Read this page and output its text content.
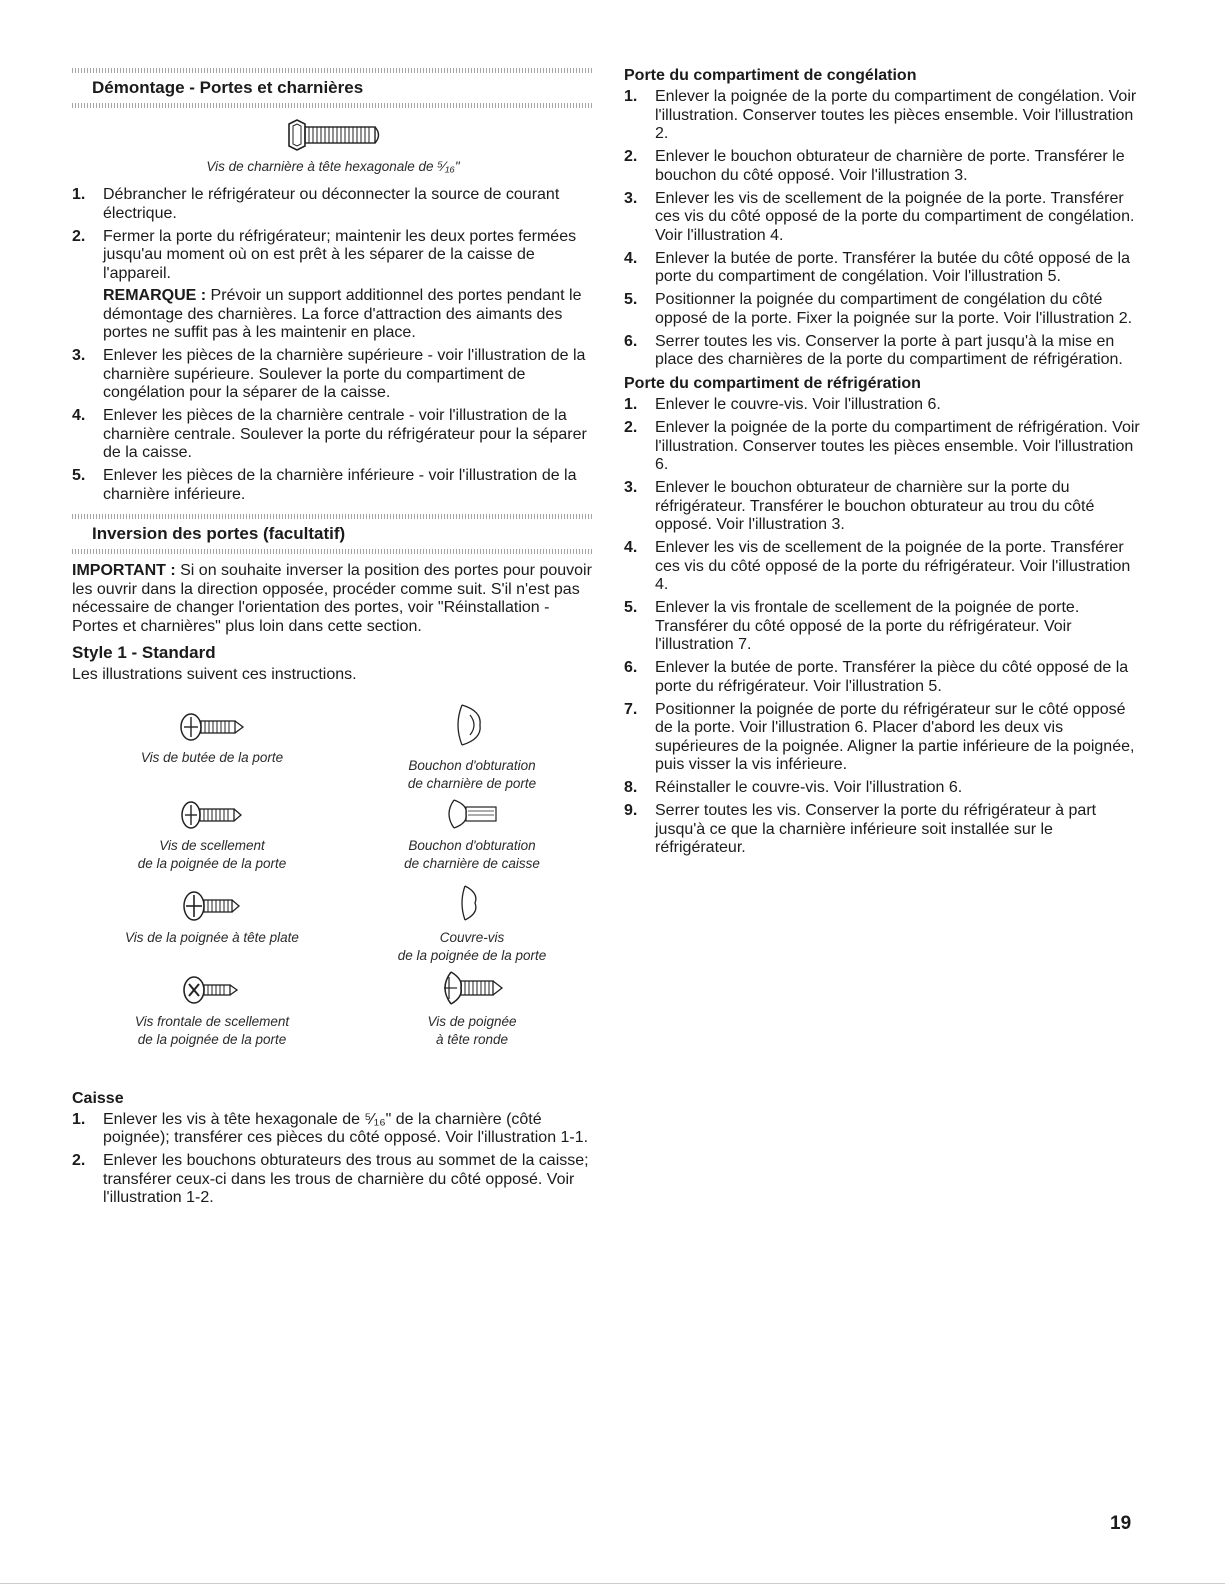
Démontage - Portes et charnières
Vis de charnière à tête hexagonale de ⁵⁄₁₆"
1. Débrancher le réfrigérateur ou déconnecter la source de courant électrique.
2. Fermer la porte du réfrigérateur; maintenir les deux portes fermées jusqu'au moment où on est prêt à les séparer de la caisse de l'appareil.
REMARQUE : Prévoir un support additionnel des portes pendant le démontage des charnières. La force d'attraction des aimants des portes ne suffit pas à les maintenir en place.
3. Enlever les pièces de la charnière supérieure - voir l'illustration de la charnière supérieure. Soulever la porte du compartiment de congélation pour la séparer de la caisse.
4. Enlever les pièces de la charnière centrale - voir l'illustration de la charnière centrale. Soulever la porte du réfrigérateur pour la séparer de la caisse.
5. Enlever les pièces de la charnière inférieure - voir l'illustration de la charnière inférieure.
Inversion des portes (facultatif)

IMPORTANT : Si on souhaite inverser la position des portes pour pouvoir les ouvrir dans la direction opposée, procéder comme suit. S'il n'est pas nécessaire de changer l'orientation des portes, voir "Réinstallation - Portes et charnières" plus loin dans cette section.

Style 1 - Standard

Les illustrations suivent ces instructions.

Vis de butée de la porte
Bouchon d'obturation
de charnière de porte
Vis de scellement
de la poignée de la porte
Bouchon d'obturation
de charnière de caisse
Vis de la poignée à tête plate	Couvre-vis
de la poignée de la porte
Vis frontale de scellement
de la poignée de la porte
Vis de poignée
à tête ronde
Caisse
1. Enlever les vis à tête hexagonale de ⁵⁄₁₆" de la charnière (côté poignée); transférer ces pièces du côté opposé. Voir l'illustration 1-1.
2. Enlever les bouchons obturateurs des trous au sommet de la caisse; transférer ceux-ci dans les trous de charnière du côté opposé. Voir l'illustration 1-2.
Porte du compartiment de congélation
1. Enlever la poignée de la porte du compartiment de congélation. Voir l'illustration. Conserver toutes les pièces ensemble. Voir l'illustration 2.
2. Enlever le bouchon obturateur de charnière de porte. Transférer le bouchon du côté opposé. Voir l'illustration 3.
3. Enlever les vis de scellement de la poignée de la porte. Transférer ces vis du côté opposé de la porte du compartiment de congélation. Voir l'illustration 4.
4. Enlever la butée de porte. Transférer la butée du côté opposé de la porte du compartiment de congélation. Voir l'illustration 5.
5. Positionner la poignée du compartiment de congélation du côté opposé de la porte. Fixer la poignée sur la porte. Voir l'illustration 2.
6. Serrer toutes les vis. Conserver la porte à part jusqu'à la mise en place des charnières de la porte du compartiment de réfrigération.
Porte du compartiment de réfrigération
1. Enlever le couvre-vis. Voir l'illustration 6.
2. Enlever la poignée de la porte du compartiment de réfrigération. Voir l'illustration. Conserver toutes les pièces ensemble. Voir l'illustration 6.
3. Enlever le bouchon obturateur de charnière sur la porte du réfrigérateur. Transférer le bouchon obturateur au trou du côté opposé. Voir l'illustration 3.
4. Enlever les vis de scellement de la poignée de la porte. Transférer ces vis du côté opposé de la porte du réfrigérateur. Voir l'illustration 4.
5. Enlever la vis frontale de scellement de la poignée de porte. Transférer du côté opposé de la porte du réfrigérateur. Voir l'illustration 7.
6. Enlever la butée de porte. Transférer la pièce du côté opposé de la porte du réfrigérateur. Voir l'illustration 5.
7. Positionner la poignée de porte du réfrigérateur sur le côté opposé de la porte. Voir l'illustration 6. Placer d'abord les deux vis supérieures de la poignée. Aligner la partie inférieure de la poignée, puis visser la vis inférieure.
8. Réinstaller le couvre-vis. Voir l'illustration 6.
9. Serrer toutes les vis. Conserver la porte du réfrigérateur à part jusqu'à ce que la charnière inférieure soit installée sur le réfrigérateur.
19
